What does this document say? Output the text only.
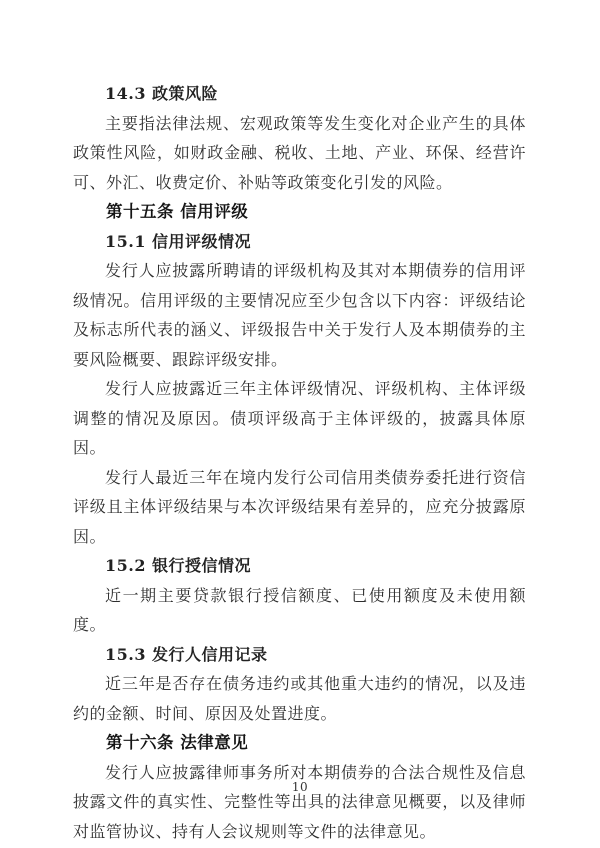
14.3 政策风险

主要指法律法规、宏观政策等发生变化对企业产生的具体政策性风险，如财政金融、税收、土地、产业、环保、经营许可、外汇、收费定价、补贴等政策变化引发的风险。

第十五条 信用评级

15.1 信用评级情况

发行人应披露所聘请的评级机构及其对本期债券的信用评级情况。信用评级的主要情况应至少包含以下内容：评级结论及标志所代表的涵义、评级报告中关于发行人及本期债券的主要风险概要、跟踪评级安排。

发行人应披露近三年主体评级情况、评级机构、主体评级调整的情况及原因。债项评级高于主体评级的，披露具体原因。

发行人最近三年在境内发行公司信用类债券委托进行资信评级且主体评级结果与本次评级结果有差异的，应充分披露原因。

15.2 银行授信情况

近一期主要贷款银行授信额度、已使用额度及未使用额度。

15.3 发行人信用记录

近三年是否存在债务违约或其他重大违约的情况，以及违约的金额、时间、原因及处置进度。

第十六条 法律意见

发行人应披露律师事务所对本期债券的合法合规性及信息披露文件的真实性、完整性等出具的法律意见概要，以及律师对监管协议、持有人会议规则等文件的法律意见。

10
